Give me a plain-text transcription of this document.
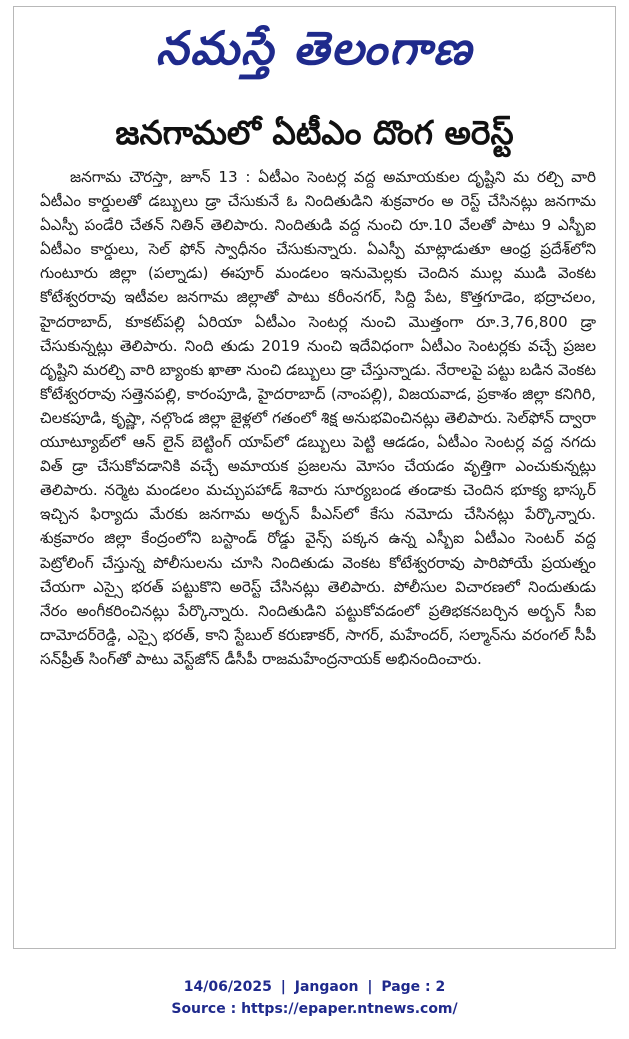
నమస్తే తెలంగాణ
జనగామలో ఏటీఎం దొంగ అరెస్ట్

జనగామ చౌరస్తా, జూన్ 13 : ఏటీఎం సెంటర్ల వద్ద అమాయకుల దృష్టిని మ రల్చి వారి ఏటీఎం కార్డులతో డబ్బులు డ్రా చేసుకునే ఓ నిందితుడిని శుక్రవారం అ రెస్ట్ చేసినట్లు జనగామ ఏఎస్పీ పండేరి చేతన్ నితిన్ తెలిపారు. నిందితుడి వద్ద నుంచి రూ.10 వేలతో పాటు 9 ఎస్బీఐ ఏటీఎం కార్డులు, సెల్ ఫోన్ స్వాధీనం చేసుకున్నారు. ఏఎస్పీ మాట్లాడుతూ ఆంధ్ర ప్రదేశ్‌లోని గుంటూరు జిల్లా (పల్నాడు) ఈపూర్ మండలం ఇనుమెల్లకు చెందిన ముల్ల ముడి వెంకట కోటేశ్వరరావు ఇటీవల జనగామ జిల్లాతో పాటు కరీంనగర్, సిద్ది పేట, కొత్తగూడెం, భద్రాచలం, హైదరాబాద్, కూకట్‌పల్లి ఏరియా ఏటీఎం సెంటర్ల నుంచి మొత్తంగా రూ.3,76,800 డ్రా చేసుకున్నట్లు తెలిపారు. నింది తుడు 2019 నుంచి ఇదేవిధంగా ఏటీఎం సెంటర్లకు వచ్చే ప్రజల దృష్టిని మరల్చి వారి బ్యాంకు ఖాతా నుంచి డబ్బులు డ్రా చేస్తున్నాడు. నేరాలపై పట్టు బడిన వెంకట కోటేశ్వరరావు సత్తెనపల్లి, కారంపూడి, హైదరాబాద్ (నాంపల్లి), విజయవాడ, ప్రకాశం జిల్లా కనిగిరి, చిలకపూడి, కృష్ణా, నల్గొండ జిల్లా జైళ్లలో గతంలో శిక్ష అనుభవించినట్లు తెలిపారు. సెల్‌ఫోన్ ద్వారా యూట్యూబ్‌లో ఆన్ లైన్ బెట్టింగ్ యాప్‌లో డబ్బులు పెట్టి ఆడడం, ఏటీఎం సెంటర్ల వద్ద నగదు విత్ డ్రా చేసుకోవడానికి వచ్చే అమాయక ప్రజలను మోసం చేయడం వృత్తిగా ఎంచుకున్నట్లు తెలిపారు. నర్మెట మండలం మచ్చుపహాడ్ శివారు సూర్యబండ తండాకు చెందిన భూక్య భాస్కర్ ఇచ్చిన ఫిర్యాదు మేరకు జనగామ అర్బన్ పీఎస్‌లో కేసు నమోదు చేసినట్లు పేర్కొన్నారు. శుక్రవారం జిల్లా కేంద్రంలోని బస్టాండ్ రోడ్డు వైన్స్ పక్కన ఉన్న ఎస్బీఐ ఏటీఎం సెంటర్ వద్ద పెట్రోలింగ్ చేస్తున్న పోలీసులను చూసి నిందితుడు వెంకట కోటేశ్వరరావు పారిపోయే ప్రయత్నం చేయగా ఎస్సై భరత్ పట్టుకొని అరెస్ట్ చేసినట్లు తెలిపారు. పోలీసుల విచారణలో నిందుతుడు నేరం అంగీకరించినట్లు పేర్కొన్నారు. నిందితుడిని పట్టుకోవడంలో ప్రతిభకనబర్చిన అర్బన్ సీఐ దామోదర్‌రెడ్డి, ఎస్సై భరత్, కాని స్టేబుల్ కరుణాకర్, సాగర్, మహేందర్, సల్మాన్‌ను వరంగల్ సీపీ సన్‌ప్రీత్ సింగ్‌తో పాటు వెస్ట్‌జోన్ డీసీపీ రాజమహేంద్రనాయక్ అభినందించారు.

14/06/2025 | Jangaon | Page : 2
Source : https://epaper.ntnews.com/
